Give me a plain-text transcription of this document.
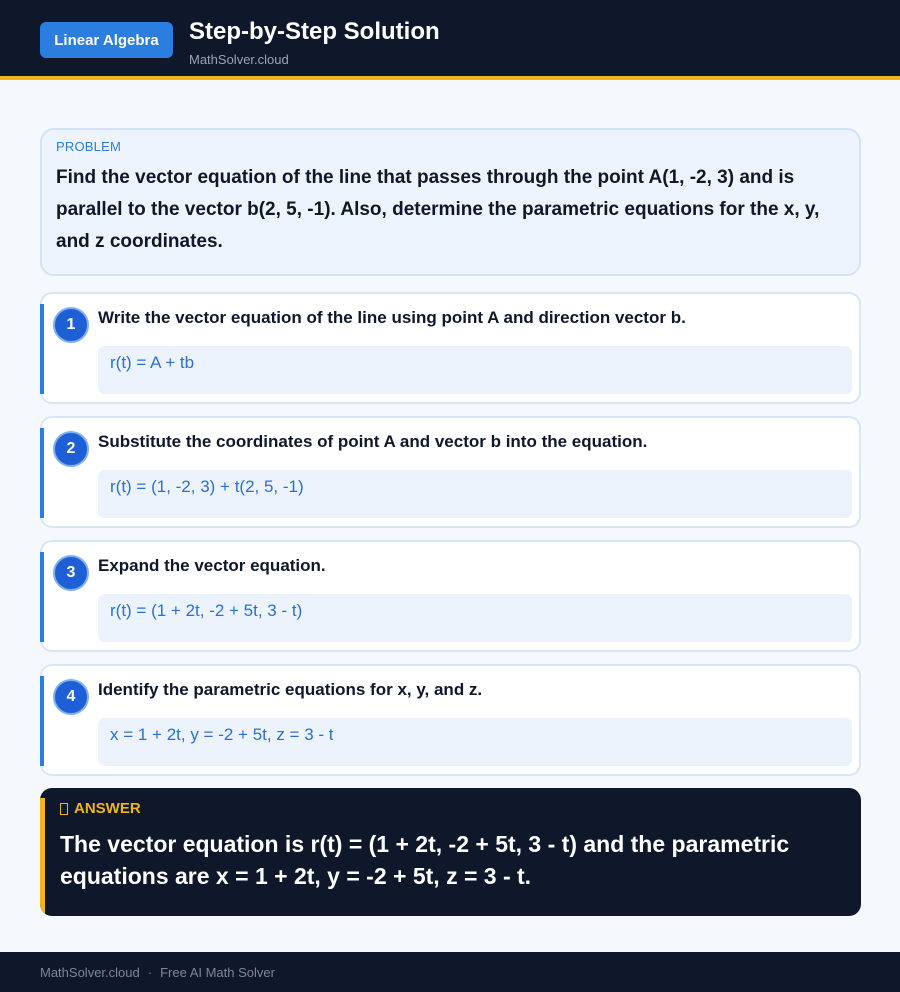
Linear Algebra	Step-by-Step Solution
MathSolver.cloud
PROBLEM
Find the vector equation of the line that passes through the point A(1, -2, 3) and is parallel to the vector b(2, 5, -1). Also, determine the parametric equations for the x, y, and z coordinates.
1	Write the vector equation of the line using point A and direction vector b.
r(t) = A + tb
2	Substitute the coordinates of point A and vector b into the equation.
r(t) = (1, -2, 3) + t(2, 5, -1)
3	Expand the vector equation.
r(t) = (1 + 2t, -2 + 5t, 3 - t)
4	Identify the parametric equations for x, y, and z.
x = 1 + 2t, y = -2 + 5t, z = 3 - t
ANSWER
The vector equation is r(t) = (1 + 2t, -2 + 5t, 3 - t) and the parametric equations are x = 1 + 2t, y = -2 + 5t, z = 3 - t.
MathSolver.cloud · Free AI Math Solver
